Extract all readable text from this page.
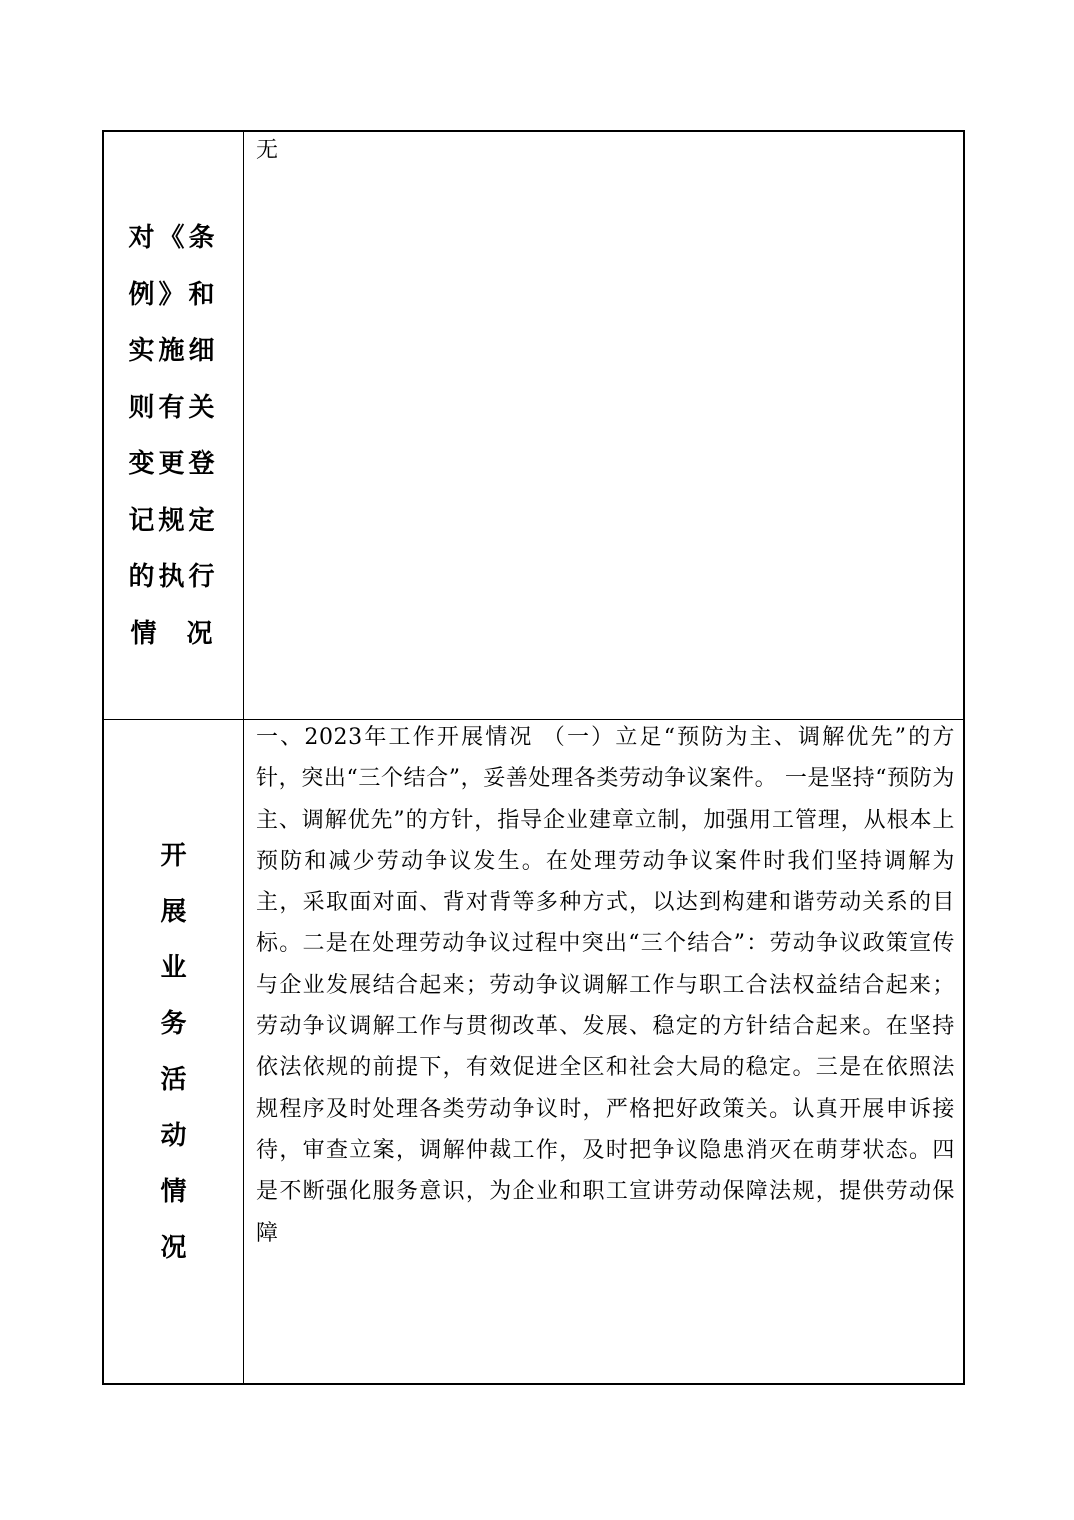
对《条
例》和
实施细
则有关
变更登
记规定
的执行
情  况
无
开
展
业
务
活
动
情
况
一、2023年工作开展情况 （一）立足“预防为主、调解优先”的方针，突出“三个结合”，妥善处理各类劳动争议案件。 一是坚持“预防为主、调解优先”的方针，指导企业建章立制，加强用工管理，从根本上预防和减少劳动争议发生。在处理劳动争议案件时我们坚持调解为主，采取面对面、背对背等多种方式，以达到构建和谐劳动关系的目标。二是在处理劳动争议过程中突出“三个结合”：劳动争议政策宣传与企业发展结合起来；劳动争议调解工作与职工合法权益结合起来；劳动争议调解工作与贯彻改革、发展、稳定的方针结合起来。在坚持依法依规的前提下，有效促进全区和社会大局的稳定。三是在依照法规程序及时处理各类劳动争议时，严格把好政策关。认真开展申诉接待，审查立案，调解仲裁工作，及时把争议隐患消灭在萌芽状态。四是不断强化服务意识，为企业和职工宣讲劳动保障法规，提供劳动保障
